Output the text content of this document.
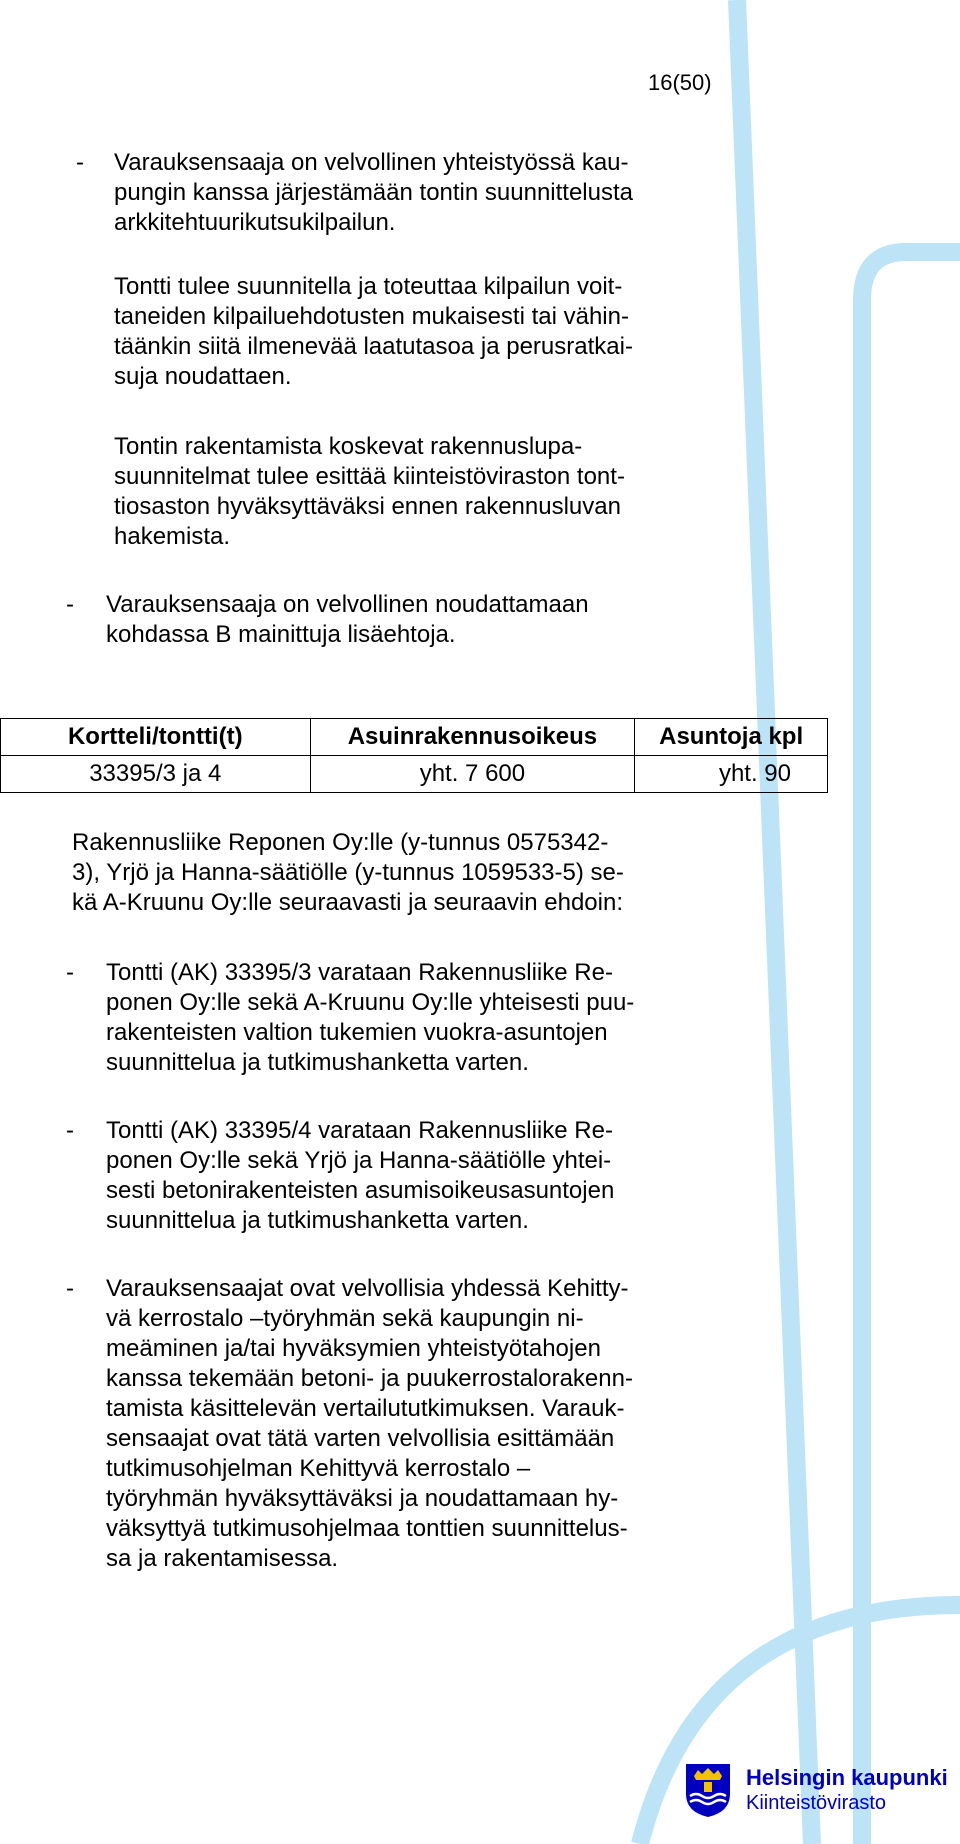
16(50)
- Varauksensaaja on velvollinen yhteistyössä kau-
pungin kanssa järjestämään tontin suunnittelusta
arkkitehtuurikutsukilpailun.
Tontti tulee suunnitella ja toteuttaa kilpailun voit-
taneiden kilpailuehdotusten mukaisesti tai vähin-
täänkin siitä ilmenevää laatutasoa ja perusratkai-
suja noudattaen.
Tontin rakentamista koskevat rakennuslupa-
suunnitelmat tulee esittää kiinteistöviraston tont-
tiosaston hyväksyttäväksi ennen rakennusluvan
hakemista.
- Varauksensaaja on velvollinen noudattamaan
kohdassa B mainittuja lisäehtoja.
Rakennusliike Reponen Oy:lle (y-tunnus 0575342-
3), Yrjö ja Hanna-säätiölle (y-tunnus 1059533-5) se-
kä A-Kruunu Oy:lle seuraavasti ja seuraavin ehdoin:
- Tontti (AK) 33395/3 varataan Rakennusliike Re-
ponen Oy:lle sekä A-Kruunu Oy:lle yhteisesti puu-
rakenteisten valtion tukemien vuokra-asuntojen
suunnittelua ja tutkimushanketta varten.
- Tontti (AK) 33395/4 varataan Rakennusliike Re-
ponen Oy:lle sekä Yrjö ja Hanna-säätiölle yhtei-
sesti betonirakenteisten asumisoikeusasuntojen
suunnittelua ja tutkimushanketta varten.
- Varauksensaajat ovat velvollisia yhdessä Kehitty-
vä kerrostalo –työryhmän sekä kaupungin ni-
meäminen ja/tai hyväksymien yhteistyötahojen
kanssa tekemään betoni- ja puukerrostalorakenn-
tamista käsittelevän vertailututkimuksen. Varauk-
sensaajat ovat tätä varten velvollisia esittämään
tutkimusohjelman Kehittyvä kerrostalo –
työryhmän hyväksyttäväksi ja noudattamaan hy-
väksyttyä tutkimusohjelmaa tonttien suunnittelus-
sa ja rakentamisessa.
Kortteli/tontti(t)	Asuinrakennusoikeus	Asuntoja kpl
33395/3 ja 4	yht. 7 600	yht. 90
Helsingin kaupunki
Kiinteistövirasto
